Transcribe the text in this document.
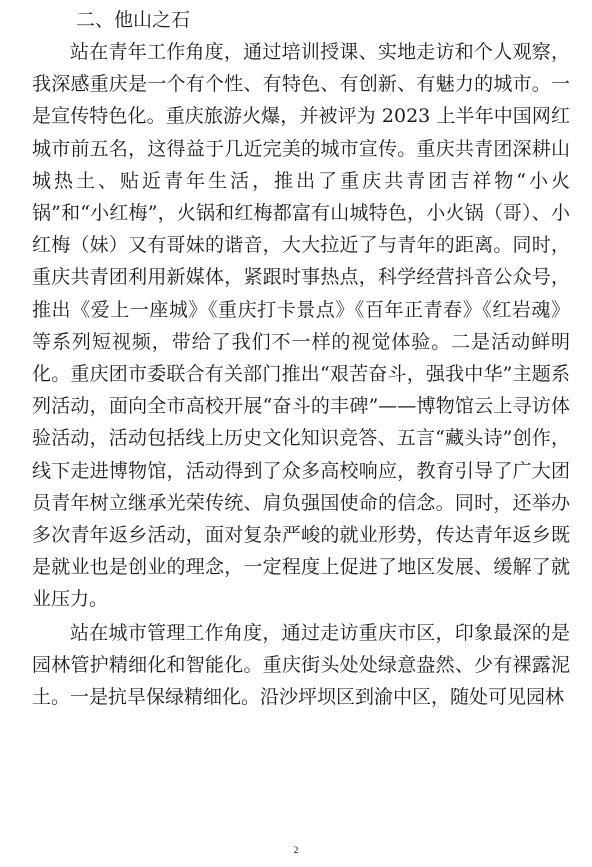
二、他山之石

站在青年工作角度，通过培训授课、实地走访和个人观察，我深感重庆是一个有个性、有特色、有创新、有魅力的城市。一是宣传特色化。重庆旅游火爆，并被评为 2023 上半年中国网红城市前五名，这得益于几近完美的城市宣传。重庆共青团深耕山城热土、贴近青年生活，推出了重庆共青团吉祥物“小火锅”和“小红梅”，火锅和红梅都富有山城特色，小火锅（哥）、小红梅（妹）又有哥妹的谐音，大大拉近了与青年的距离。同时，重庆共青团利用新媒体，紧跟时事热点，科学经营抖音公众号，推出《爱上一座城》《重庆打卡景点》《百年正青春》《红岩魂》等系列短视频，带给了我们不一样的视觉体验。二是活动鲜明化。重庆团市委联合有关部门推出“艰苦奋斗，强我中华”主题系列活动，面向全市高校开展“奋斗的丰碑”——博物馆云上寻访体验活动，活动包括线上历史文化知识竞答、五言“藏头诗”创作，线下走进博物馆，活动得到了众多高校响应，教育引导了广大团员青年树立继承光荣传统、肩负强国使命的信念。同时，还举办多次青年返乡活动，面对复杂严峻的就业形势，传达青年返乡既是就业也是创业的理念，一定程度上促进了地区发展、缓解了就业压力。

站在城市管理工作角度，通过走访重庆市区，印象最深的是园林管护精细化和智能化。重庆街头处处绿意盎然、少有裸露泥土。一是抗旱保绿精细化。沿沙坪坝区到渝中区，随处可见园林

2
